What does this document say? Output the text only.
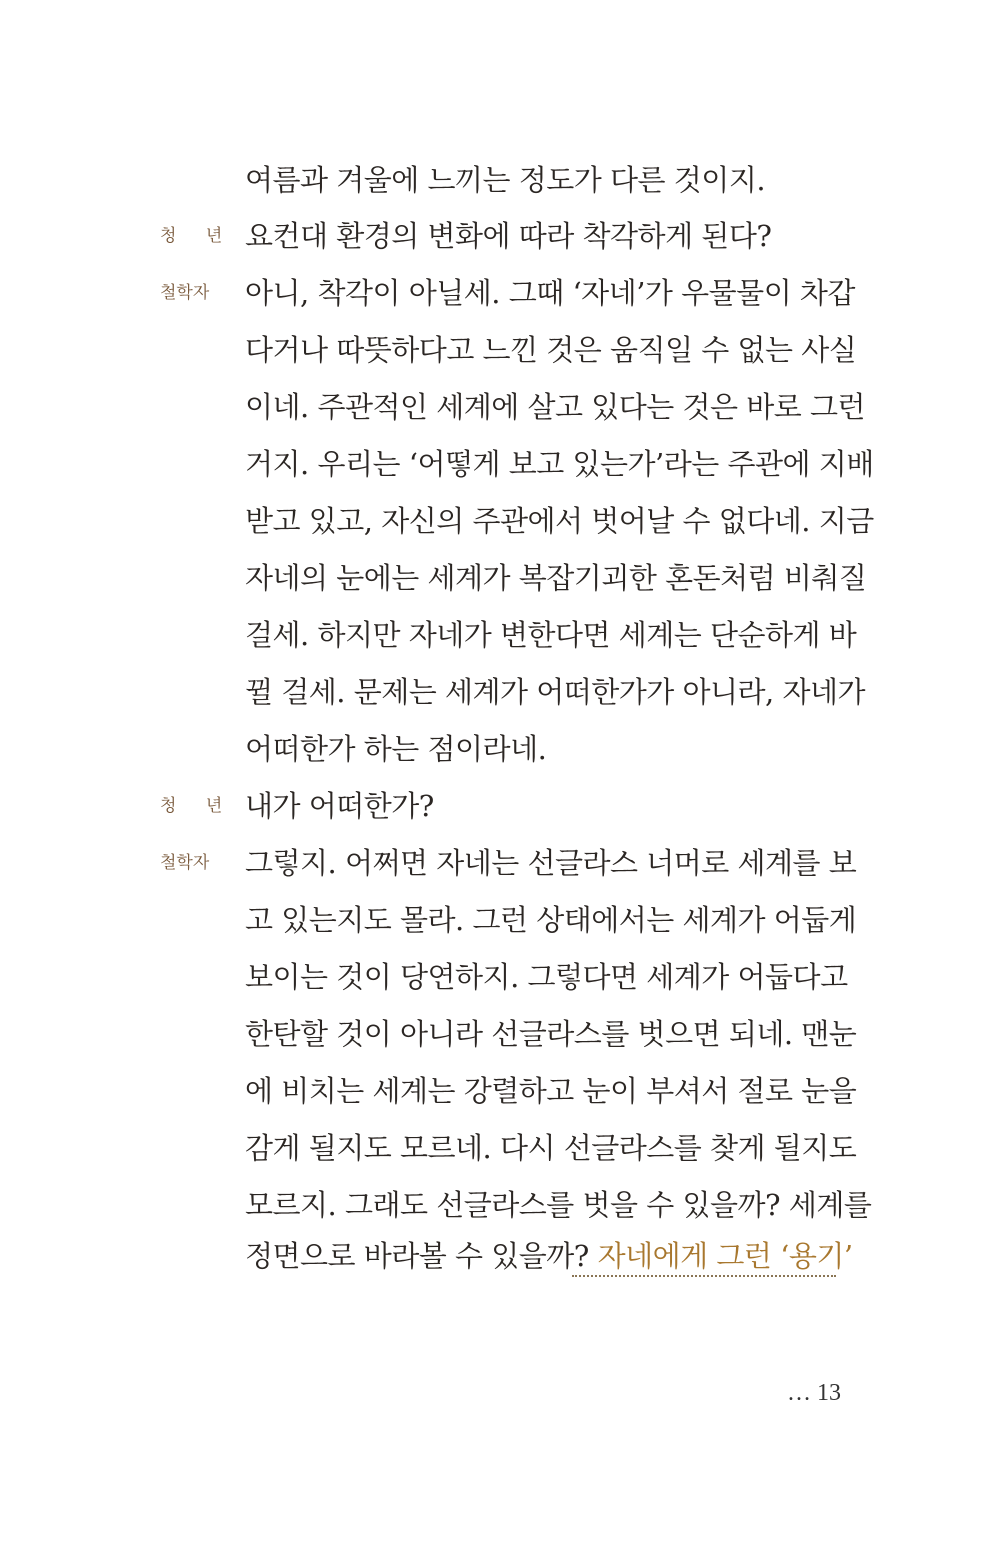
여름과 겨울에 느끼는 정도가 다른 것이지.
청 년 요컨대 환경의 변화에 따라 착각하게 된다?
철학자 아니, 착각이 아닐세. 그때 ‘자네’가 우물물이 차갑
다거나 따뜻하다고 느낀 것은 움직일 수 없는 사실
이네. 주관적인 세계에 살고 있다는 것은 바로 그런
거지. 우리는 ‘어떻게 보고 있는가’라는 주관에 지배
받고 있고, 자신의 주관에서 벗어날 수 없다네. 지금
자네의 눈에는 세계가 복잡기괴한 혼돈처럼 비춰질
걸세. 하지만 자네가 변한다면 세계는 단순하게 바
뀔 걸세. 문제는 세계가 어떠한가가 아니라, 자네가
어떠한가 하는 점이라네.
청 년 내가 어떠한가?
철학자 그렇지. 어쩌면 자네는 선글라스 너머로 세계를 보
고 있는지도 몰라. 그런 상태에서는 세계가 어둡게
보이는 것이 당연하지. 그렇다면 세계가 어둡다고
한탄할 것이 아니라 선글라스를 벗으면 되네. 맨눈
에 비치는 세계는 강렬하고 눈이 부셔서 절로 눈을
감게 될지도 모르네. 다시 선글라스를 찾게 될지도
모르지. 그래도 선글라스를 벗을 수 있을까? 세계를
정면으로 바라볼 수 있을까? 자네에게 그런 ‘용기’
… 13
